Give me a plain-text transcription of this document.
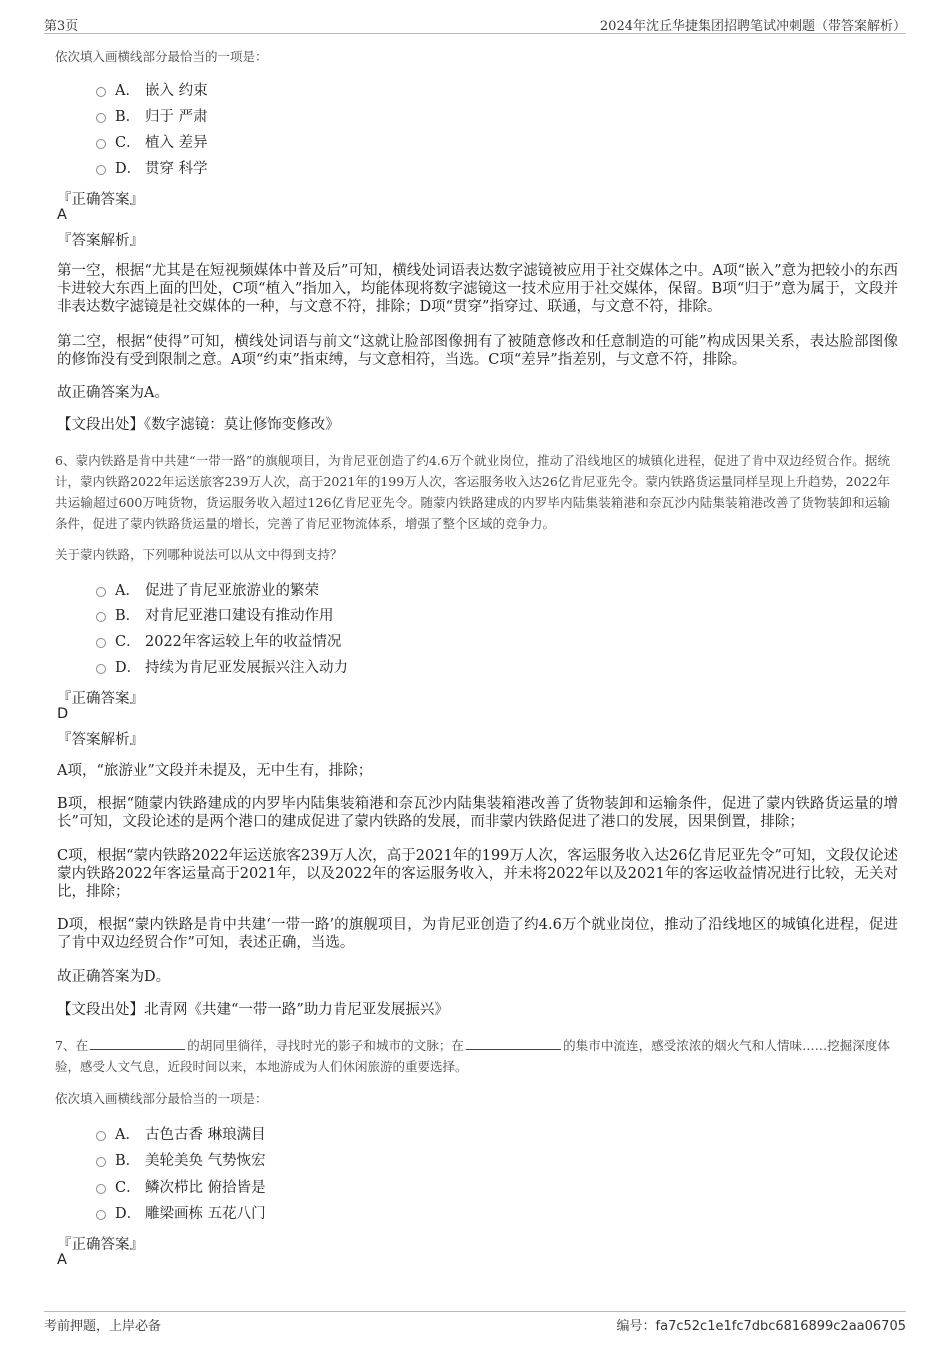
第3页	2024年沈丘华捷集团招聘笔试冲刺题（带答案解析）
依次填入画横线部分最恰当的一项是：
A． 嵌入 约束
B． 归于 严肃
C． 植入 差异
D． 贯穿 科学
『正确答案』
A
『答案解析』
第一空，根据“尤其是在短视频媒体中普及后”可知，横线处词语表达数字滤镜被应用于社交媒体之中。A项“嵌入”意为把较小的东西卡进较大东西上面的凹处，C项“植入”指加入，均能体现将数字滤镜这一技术应用于社交媒体，保留。B项“归于”意为属于，文段并非表达数字滤镜是社交媒体的一种，与文意不符，排除；D项“贯穿”指穿过、联通，与文意不符，排除。
第二空，根据“使得”可知，横线处词语与前文“这就让脸部图像拥有了被随意修改和任意制造的可能”构成因果关系，表达脸部图像的修饰没有受到限制之意。A项“约束”指束缚，与文意相符，当选。C项“差异”指差别，与文意不符，排除。
故正确答案为A。
【文段出处】《数字滤镜：莫让修饰变修改》
6、蒙内铁路是肯中共建“一带一路”的旗舰项目，为肯尼亚创造了约4.6万个就业岗位，推动了沿线地区的城镇化进程，促进了肯中双边经贸合作。据统计，蒙内铁路2022年运送旅客239万人次，高于2021年的199万人次，客运服务收入达26亿肯尼亚先令。蒙内铁路货运量同样呈现上升趋势，2022年共运输超过600万吨货物，货运服务收入超过126亿肯尼亚先令。随蒙内铁路建成的内罗毕内陆集装箱港和奈瓦沙内陆集装箱港改善了货物装卸和运输条件，促进了蒙内铁路货运量的增长，完善了肯尼亚物流体系，增强了整个区域的竞争力。
关于蒙内铁路，下列哪种说法可以从文中得到支持？
A． 促进了肯尼亚旅游业的繁荣
B． 对肯尼亚港口建设有推动作用
C． 2022年客运较上年的收益情况
D． 持续为肯尼亚发展振兴注入动力
『正确答案』
D
『答案解析』
A项，“旅游业”文段并未提及，无中生有，排除；
B项，根据“随蒙内铁路建成的内罗毕内陆集装箱港和奈瓦沙内陆集装箱港改善了货物装卸和运输条件，促进了蒙内铁路货运量的增长”可知，文段论述的是两个港口的建成促进了蒙内铁路的发展，而非蒙内铁路促进了港口的发展，因果倒置，排除；
C项，根据“蒙内铁路2022年运送旅客239万人次，高于2021年的199万人次，客运服务收入达26亿肯尼亚先令”可知，文段仅论述蒙内铁路2022年客运量高于2021年，以及2022年的客运服务收入，并未将2022年以及2021年的客运收益情况进行比较，无关对比，排除；
D项，根据“蒙内铁路是肯中共建‘一带一路’的旗舰项目，为肯尼亚创造了约4.6万个就业岗位，推动了沿线地区的城镇化进程，促进了肯中双边经贸合作”可知，表述正确，当选。
故正确答案为D。
【文段出处】北青网《共建“一带一路”助力肯尼亚发展振兴》
7、在	的胡同里徜徉，寻找时光的影子和城市的文脉；在	的集市中流连，感受浓浓的烟火气和人情味……挖掘深度体验，感受人文气息，近段时间以来，本地游成为人们休闲旅游的重要选择。
依次填入画横线部分最恰当的一项是：
A． 古色古香 琳琅满目
B． 美轮美奂 气势恢宏
C． 鳞次栉比 俯拾皆是
D． 雕梁画栋 五花八门
『正确答案』
A
考前押题，上岸必备	编号：fa7c52c1e1fc7dbc6816899c2aa06705
